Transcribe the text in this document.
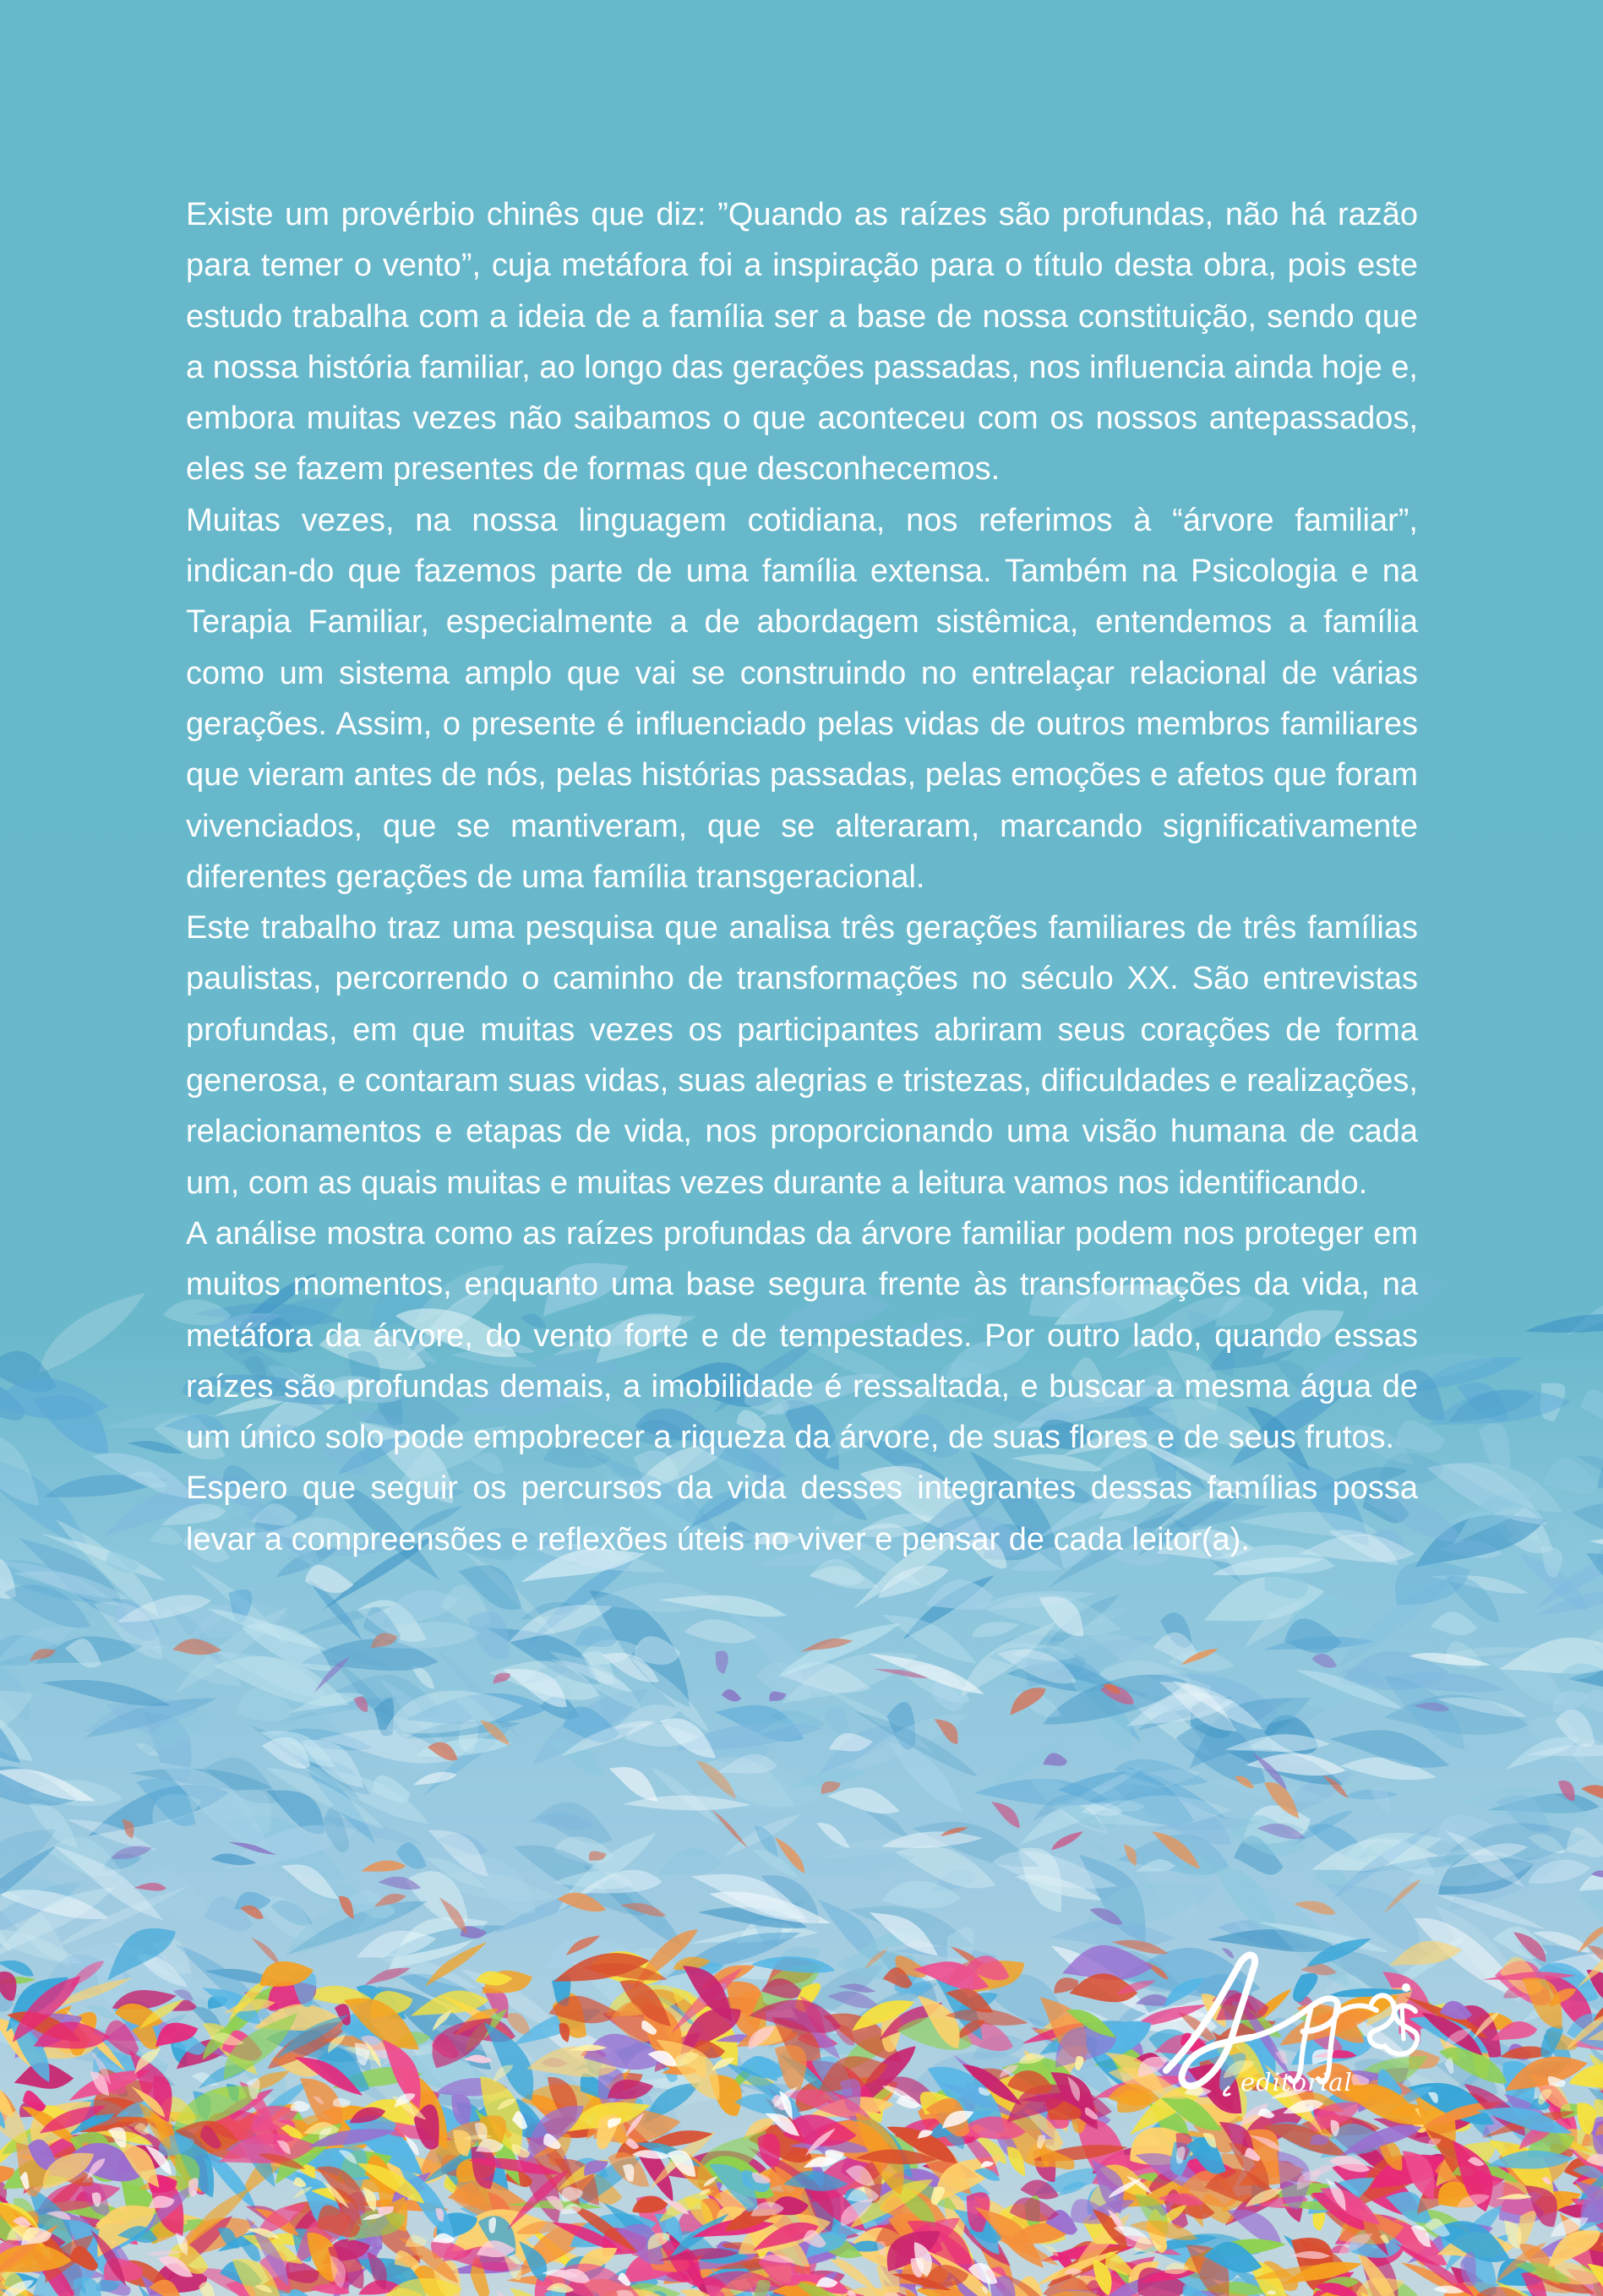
Existe um provérbio chinês que diz: ”Quando as raízes são profundas, não há razão para temer o vento”, cuja metáfora foi a inspiração para o título desta obra, pois este estudo trabalha com a ideia de a família ser a base de nossa constituição, sendo que a nossa história familiar, ao longo das gerações passadas, nos influencia ainda hoje e, embora muitas vezes não saibamos o que aconteceu com os nossos antepassados, eles se fazem presentes de formas que desconhecemos.

Muitas vezes, na nossa linguagem cotidiana, nos referimos à “árvore familiar”, indican-do que fazemos parte de uma família extensa. Também na Psicologia e na Terapia Familiar, especialmente a de abordagem sistêmica, entendemos a família como um sistema amplo que vai se construindo no entrelaçar relacional de várias gerações. Assim, o presente é influenciado pelas vidas de outros membros familiares que vieram antes de nós, pelas histórias passadas, pelas emoções e afetos que foram vivenciados, que se mantiveram, que se alteraram, marcando significativamente diferentes gerações de uma família transgeracional.

Este trabalho traz uma pesquisa que analisa três gerações familiares de três famílias paulistas, percorrendo o caminho de transformações no século XX. São entrevistas profundas, em que muitas vezes os participantes abriram seus corações de forma generosa, e contaram suas vidas, suas alegrias e tristezas, dificuldades e realizações, relacionamentos e etapas de vida, nos proporcionando uma visão humana de cada um, com as quais muitas e muitas vezes durante a leitura vamos nos identificando.

A análise mostra como as raízes profundas da árvore familiar podem nos proteger em muitos momentos, enquanto uma base segura frente às transformações da vida, na metáfora da árvore, do vento forte e de tempestades. Por outro lado, quando essas raízes são profundas demais, a imobilidade é ressaltada, e buscar a mesma água de um único solo pode empobrecer a riqueza da árvore, de suas flores e de seus frutos.

Espero que seguir os percursos da vida desses integrantes dessas famílias possa levar a compreensões e reflexões úteis no viver e pensar de cada leitor(a).

editorial
